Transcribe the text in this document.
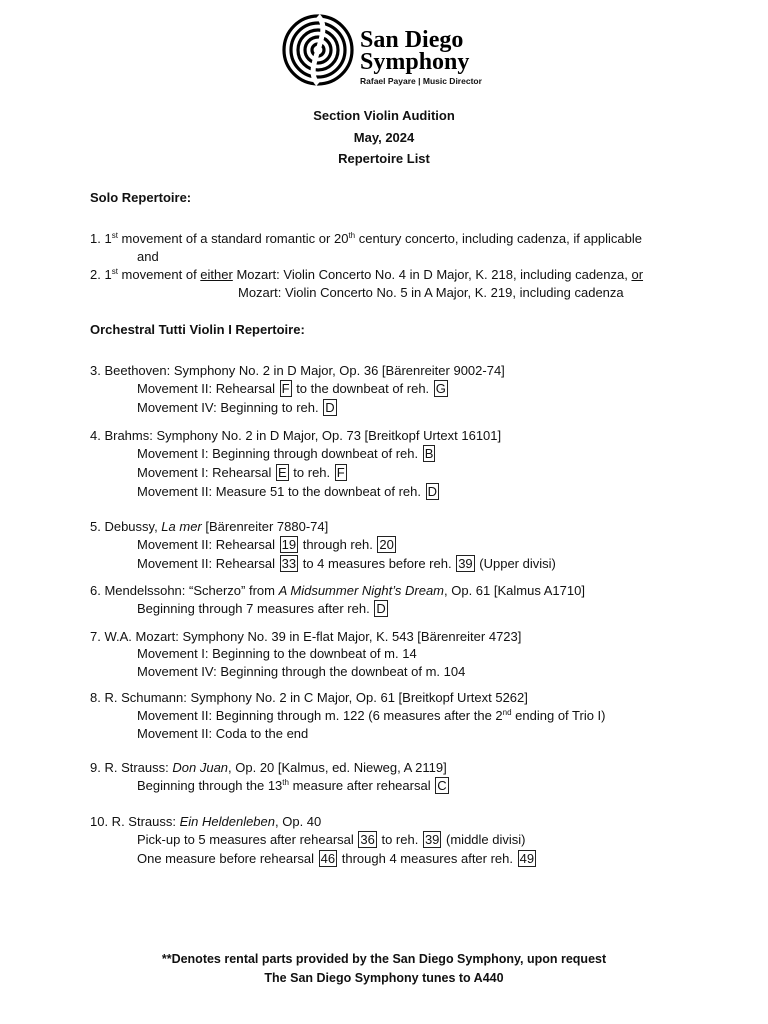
San Diego
Symphony
Rafael Payare | Music Director
Section Violin Audition
May, 2024
Repertoire List
Solo Repertoire:
1. 1st movement of a standard romantic or 20th century concerto, including cadenza, if applicable
and
2. 1st movement of either Mozart: Violin Concerto No. 4 in D Major, K. 218, including cadenza, or
Mozart: Violin Concerto No. 5 in A Major, K. 219, including cadenza
Orchestral Tutti Violin I Repertoire:
3. Beethoven: Symphony No. 2 in D Major, Op. 36 [Bärenreiter 9002-74]
Movement II: Rehearsal F to the downbeat of reh. G
Movement IV: Beginning to reh. D
4. Brahms: Symphony No. 2 in D Major, Op. 73 [Breitkopf Urtext 16101]
Movement I: Beginning through downbeat of reh. B
Movement I: Rehearsal E to reh. F
Movement II: Measure 51 to the downbeat of reh. D
5. Debussy, La mer [Bärenreiter 7880-74]
Movement II: Rehearsal 19 through reh. 20
Movement II: Rehearsal 33 to 4 measures before reh. 39 (Upper divisi)
6. Mendelssohn: “Scherzo” from A Midsummer Night’s Dream, Op. 61 [Kalmus A1710]
Beginning through 7 measures after reh. D
7. W.A. Mozart: Symphony No. 39 in E-flat Major, K. 543 [Bärenreiter 4723]
Movement I: Beginning to the downbeat of m. 14
Movement IV: Beginning through the downbeat of m. 104
8. R. Schumann: Symphony No. 2 in C Major, Op. 61 [Breitkopf Urtext 5262]
Movement II: Beginning through m. 122 (6 measures after the 2nd ending of Trio I)
Movement II: Coda to the end
9. R. Strauss: Don Juan, Op. 20 [Kalmus, ed. Nieweg, A 2119]
Beginning through the 13th measure after rehearsal C
10. R. Strauss: Ein Heldenleben, Op. 40
Pick-up to 5 measures after rehearsal 36 to reh. 39 (middle divisi)
One measure before rehearsal 46 through 4 measures after reh. 49
**Denotes rental parts provided by the San Diego Symphony, upon request
The San Diego Symphony tunes to A440
